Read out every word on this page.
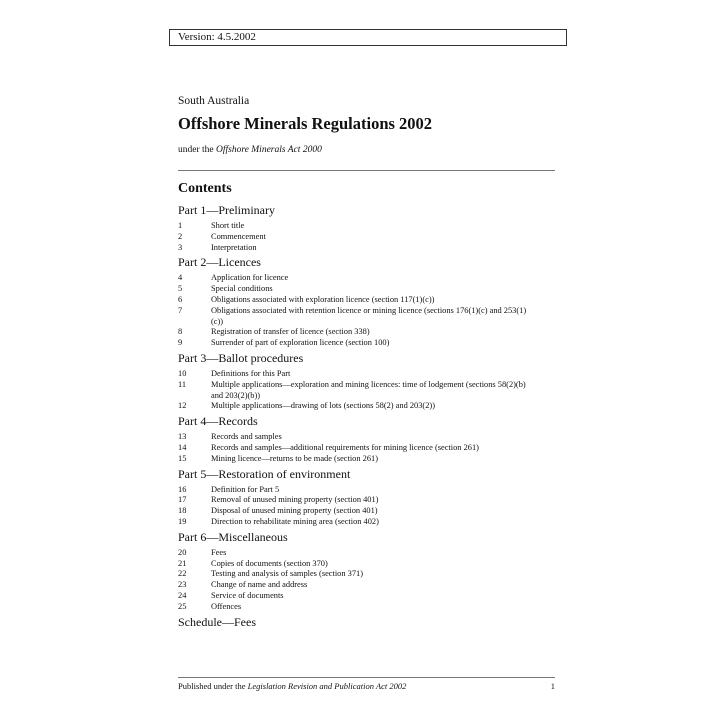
Version: 4.5.2002
South Australia
Offshore Minerals Regulations 2002
under the Offshore Minerals Act 2000
Contents
Part 1—Preliminary
1	Short title
2	Commencement
3	Interpretation
Part 2—Licences
4	Application for licence
5	Special conditions
6	Obligations associated with exploration licence (section 117(1)(c))
7	Obligations associated with retention licence or mining licence (sections 176(1)(c) and 253(1)(c))
8	Registration of transfer of licence (section 338)
9	Surrender of part of exploration licence (section 100)
Part 3—Ballot procedures
10	Definitions for this Part
11	Multiple applications—exploration and mining licences: time of lodgement (sections 58(2)(b) and 203(2)(b))
12	Multiple applications—drawing of lots (sections 58(2) and 203(2))
Part 4—Records
13	Records and samples
14	Records and samples—additional requirements for mining licence (section 261)
15	Mining licence—returns to be made (section 261)
Part 5—Restoration of environment
16	Definition for Part 5
17	Removal of unused mining property (section 401)
18	Disposal of unused mining property (section 401)
19	Direction to rehabilitate mining area (section 402)
Part 6—Miscellaneous
20	Fees
21	Copies of documents (section 370)
22	Testing and analysis of samples (section 371)
23	Change of name and address
24	Service of documents
25	Offences
Schedule—Fees
Published under the Legislation Revision and Publication Act 2002	1
